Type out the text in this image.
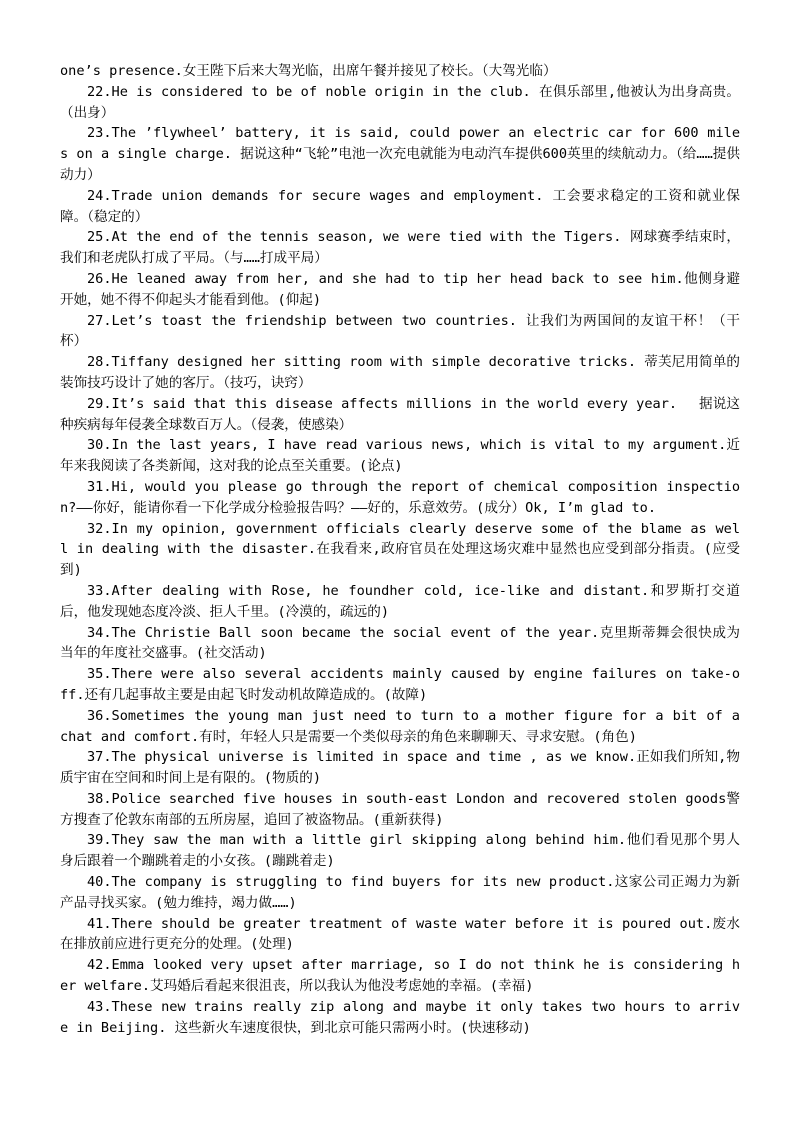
one’s presence.女王陛下后来大驾光临，出席午餐并接见了校长。（大驾光临）

22.He is considered to be of noble origin in the club. 在俱乐部里,他被认为出身高贵。（出身）

23.The ’flywheel’ battery, it is said, could power an electric car for 600 miles on a single charge. 据说这种“飞轮”电池一次充电就能为电动汽车提供600英里的续航动力。（给……提供动力）

24.Trade union demands for secure wages and employment. 工会要求稳定的工资和就业保障。（稳定的）

25.At the end of the tennis season, we were tied with the Tigers. 网球赛季结束时，我们和老虎队打成了平局。（与……打成平局）

26.He leaned away from her, and she had to tip her head back to see him.他侧身避开她，她不得不仰起头才能看到他。(仰起)

27.Let’s toast the friendship between two countries. 让我们为两国间的友谊干杯！（干杯）

28.Tiffany designed her sitting room with simple decorative tricks. 蒂芙尼用简单的装饰技巧设计了她的客厅。（技巧，诀窍）

29.It’s said that this disease affects millions in the world every year.　 据说这种疾病每年侵袭全球数百万人。（侵袭，使感染）

30.In the last years, I have read various news, which is vital to my argument.近年来我阅读了各类新闻，这对我的论点至关重要。(论点)

31.Hi, would you please go through the report of chemical composition inspection?——你好，能请你看一下化学成分检验报告吗？——好的，乐意效劳。(成分）Ok, I’m glad to.

32.In my opinion, government officials clearly deserve some of the blame as well in dealing with the disaster.在我看来,政府官员在处理这场灾难中显然也应受到部分指责。(应受到)

33.After dealing with Rose, he foundher cold, ice-like and distant.和罗斯打交道后，他发现她态度冷淡、拒人千里。(冷漠的，疏远的)

34.The Christie Ball soon became the social event of the year.克里斯蒂舞会很快成为当年的年度社交盛事。(社交活动)

35.There were also several accidents mainly caused by engine failures on take-off.还有几起事故主要是由起飞时发动机故障造成的。(故障)

36.Sometimes the young man just need to turn to a mother figure for a bit of a chat and comfort.有时，年轻人只是需要一个类似母亲的角色来聊聊天、寻求安慰。(角色)

37.The physical universe is limited in space and time , as we know.正如我们所知,物质宇宙在空间和时间上是有限的。(物质的)

38.Police searched five houses in south-east London and recovered stolen goods警方搜查了伦敦东南部的五所房屋，追回了被盗物品。(重新获得)

39.They saw the man with a little girl skipping along behind him.他们看见那个男人身后跟着一个蹦跳着走的小女孩。(蹦跳着走)

40.The company is struggling to find buyers for its new product.这家公司正竭力为新产品寻找买家。(勉力维持，竭力做……)

41.There should be greater treatment of waste water before it is poured out.废水在排放前应进行更充分的处理。(处理)

42.Emma looked very upset after marriage, so I do not think he is considering her welfare.艾玛婚后看起来很沮丧，所以我认为他没考虑她的幸福。(幸福)

43.These new trains really zip along and maybe it only takes two hours to arrive in Beijing. 这些新火车速度很快，到北京可能只需两小时。(快速移动)
